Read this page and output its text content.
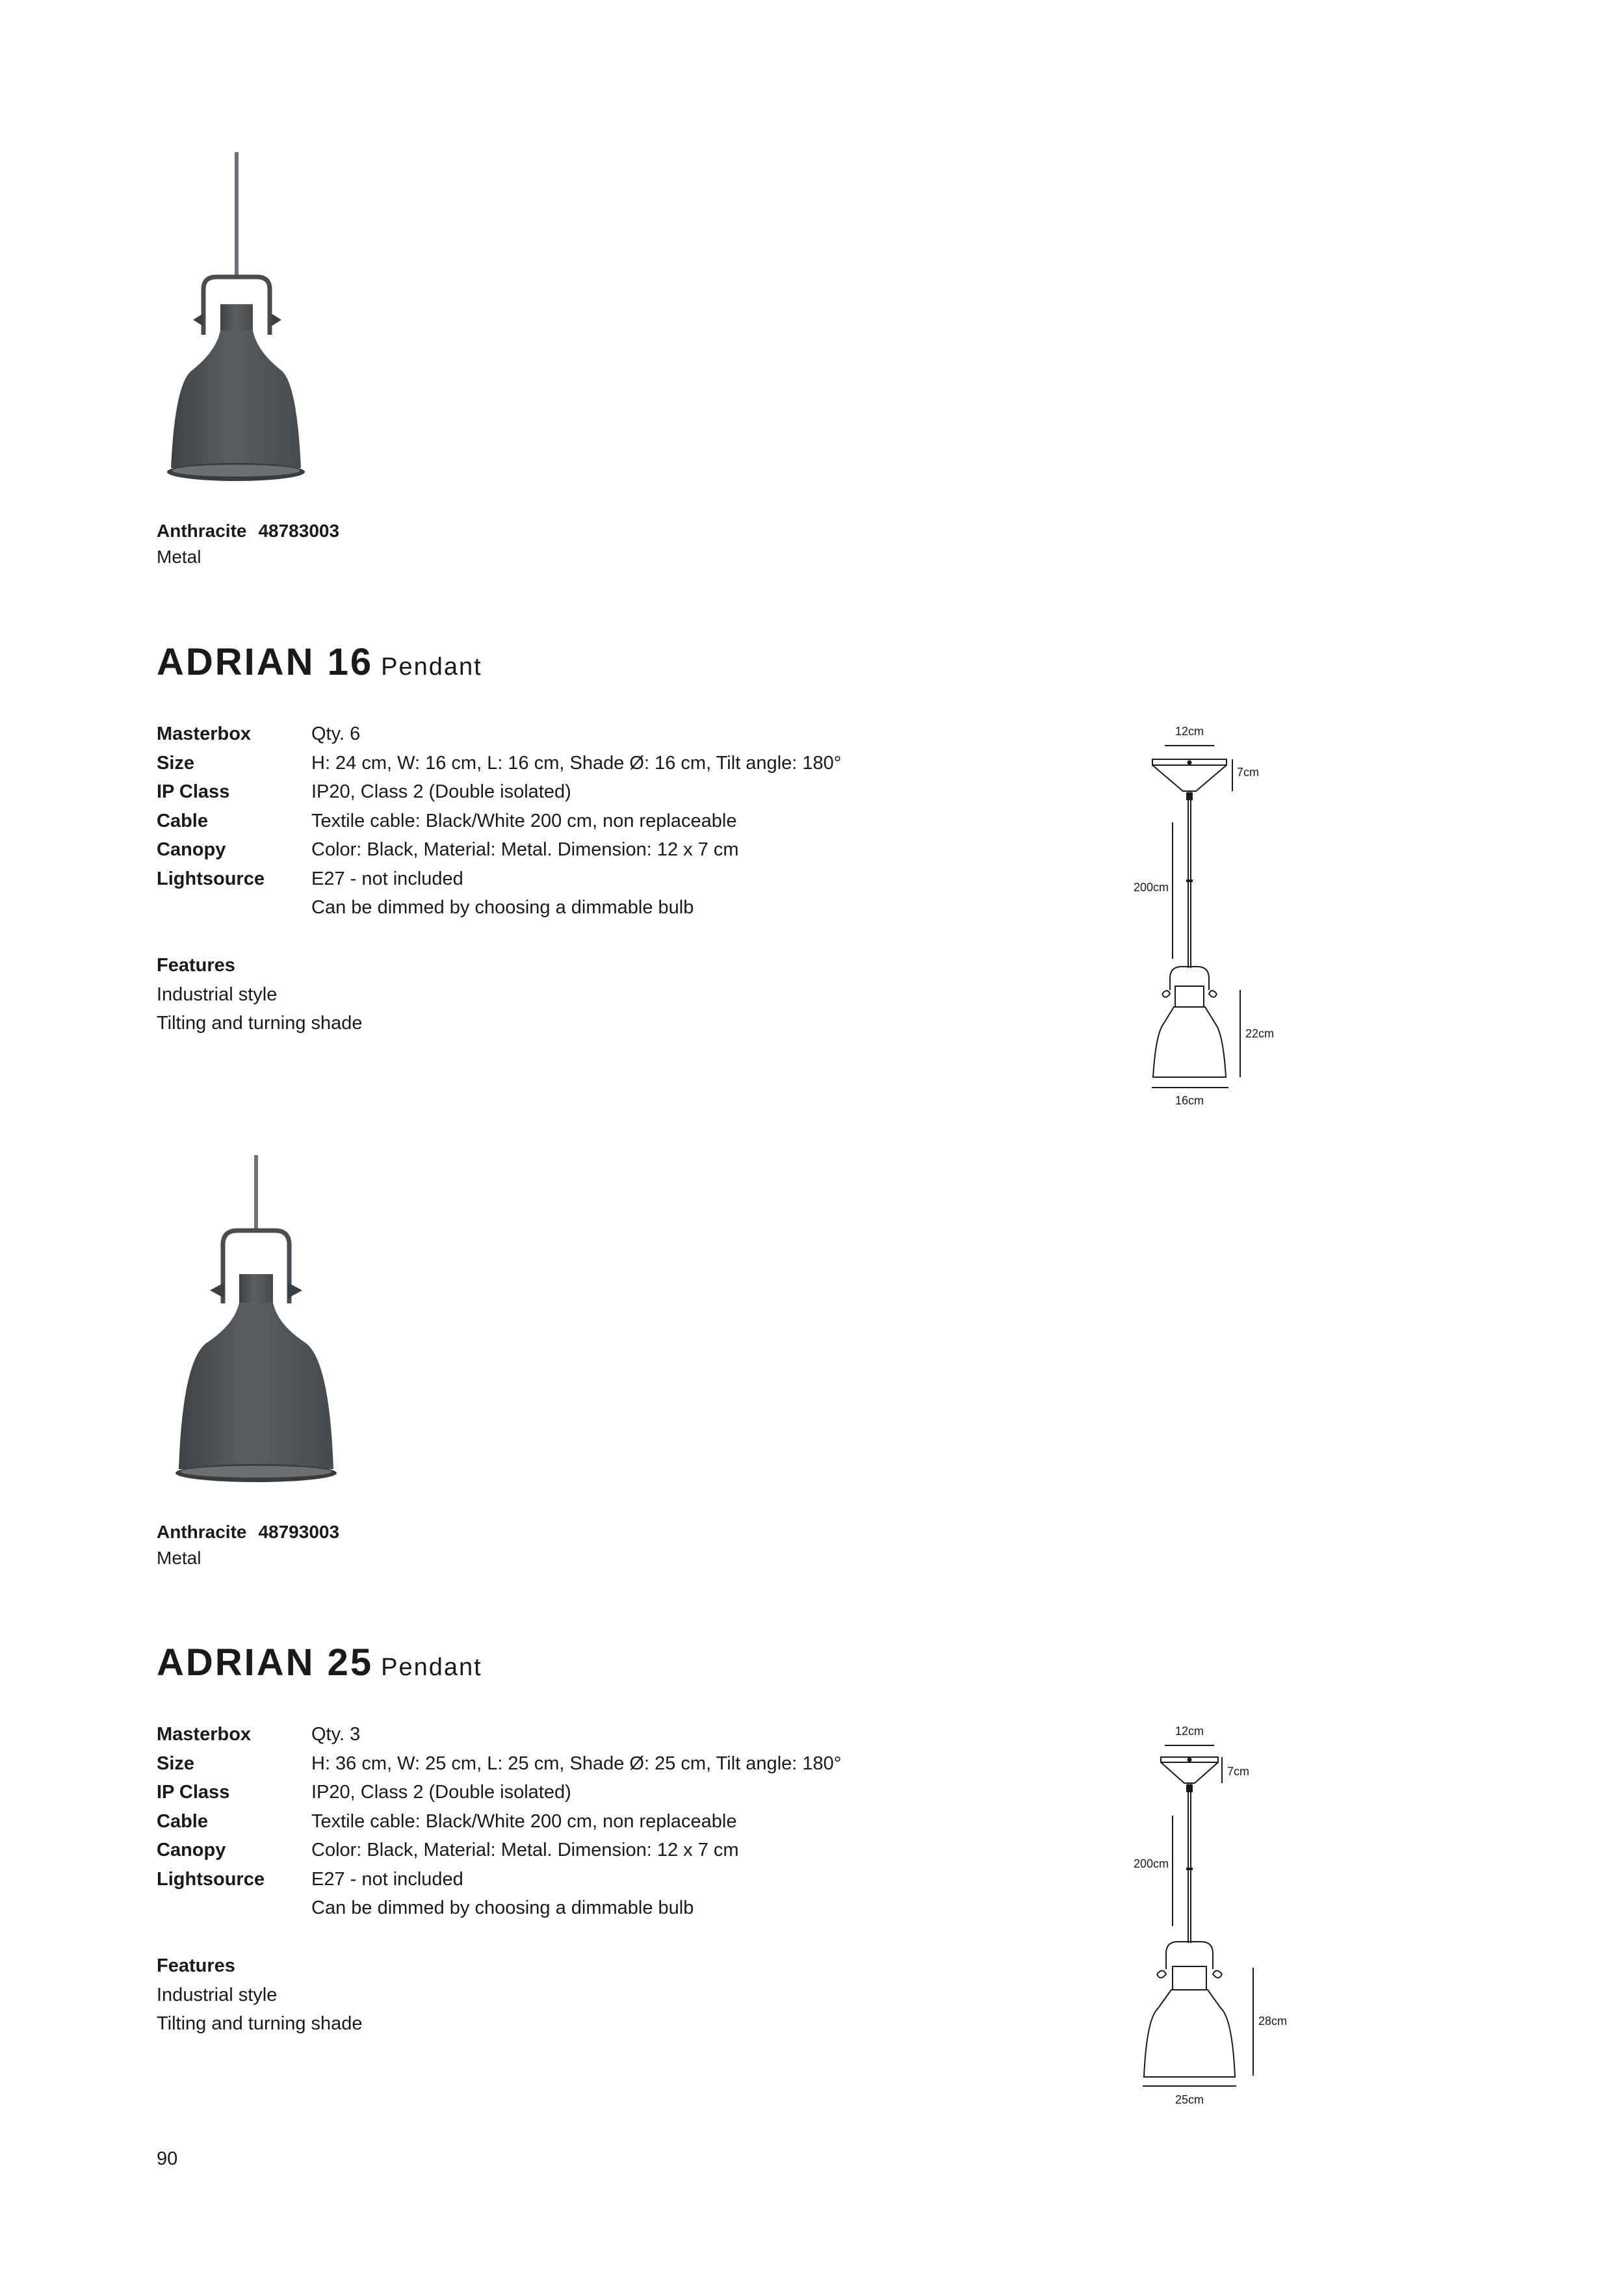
Anthracite 48783003
Metal
ADRIAN 16 Pendant
Masterbox	Qty. 6
Size	H: 24 cm, W: 16 cm, L: 16 cm, Shade Ø: 16 cm, Tilt angle: 180°
IP Class	IP20, Class 2 (Double isolated)
Cable	Textile cable: Black/White 200 cm, non replaceable
Canopy	Color: Black, Material: Metal. Dimension: 12 x 7 cm
Lightsource E27 - not included
Can be dimmed by choosing a dimmable bulb
Features
Industrial style
Tilting and turning shade
12cm
7cm
200cm
22cm
16cm
Anthracite 48793003
Metal
ADRIAN 25 Pendant
Masterbox	Qty. 3
Size	H: 36 cm, W: 25 cm, L: 25 cm, Shade Ø: 25 cm, Tilt angle: 180°
IP Class	IP20, Class 2 (Double isolated)
Cable	Textile cable: Black/White 200 cm, non replaceable
Canopy	Color: Black, Material: Metal. Dimension: 12 x 7 cm
Lightsource E27 - not included
Can be dimmed by choosing a dimmable bulb
Features
Industrial style
Tilting and turning shade
12cm
7cm
200cm
28cm
25cm
90
